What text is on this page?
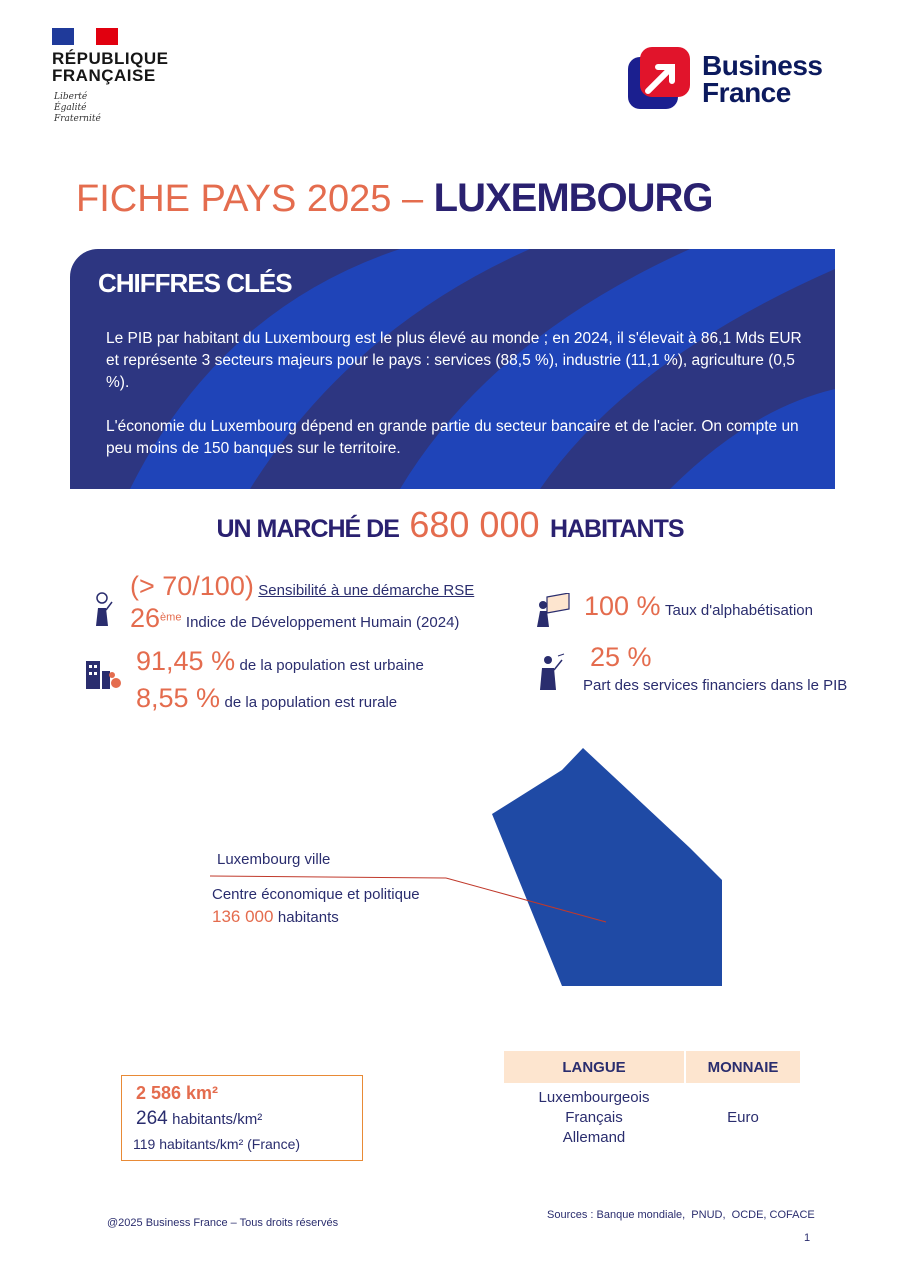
RÉPUBLIQUE
FRANÇAISE
Liberté
Égalité
Fraternité
Business
France
FICHE PAYS 2025 – LUXEMBOURG
CHIFFRES CLÉS
Le PIB par habitant du Luxembourg est le plus élevé au monde ; en 2024, il s'élevait à 86,1 Mds EUR et représente 3 secteurs majeurs pour le pays : services (88,5 %), industrie (11,1 %), agriculture (0,5 %).
L'économie du Luxembourg dépend en grande partie du secteur bancaire et de l'acier. On compte un peu moins de 150 banques sur le territoire.
UN MARCHÉ DE 680 000 HABITANTS
(> 70/100) Sensibilité à une démarche RSE
26ème Indice de Développement Humain (2024)
91,45 % de la population est urbaine
8,55 % de la population est rurale
100 % Taux d'alphabétisation
25 %
Part des services financiers dans le PIB
Luxembourg ville
Centre économique et politique
136 000 habitants
2 586 km²
264 habitants/km²
119 habitants/km² (France)
LANGUE	MONNAIE
Luxembourgeois
Français
Allemand
Euro
@2025 Business France – Tous droits réservés
Sources : Banque mondiale,  PNUD,  OCDE, COFACE
1
